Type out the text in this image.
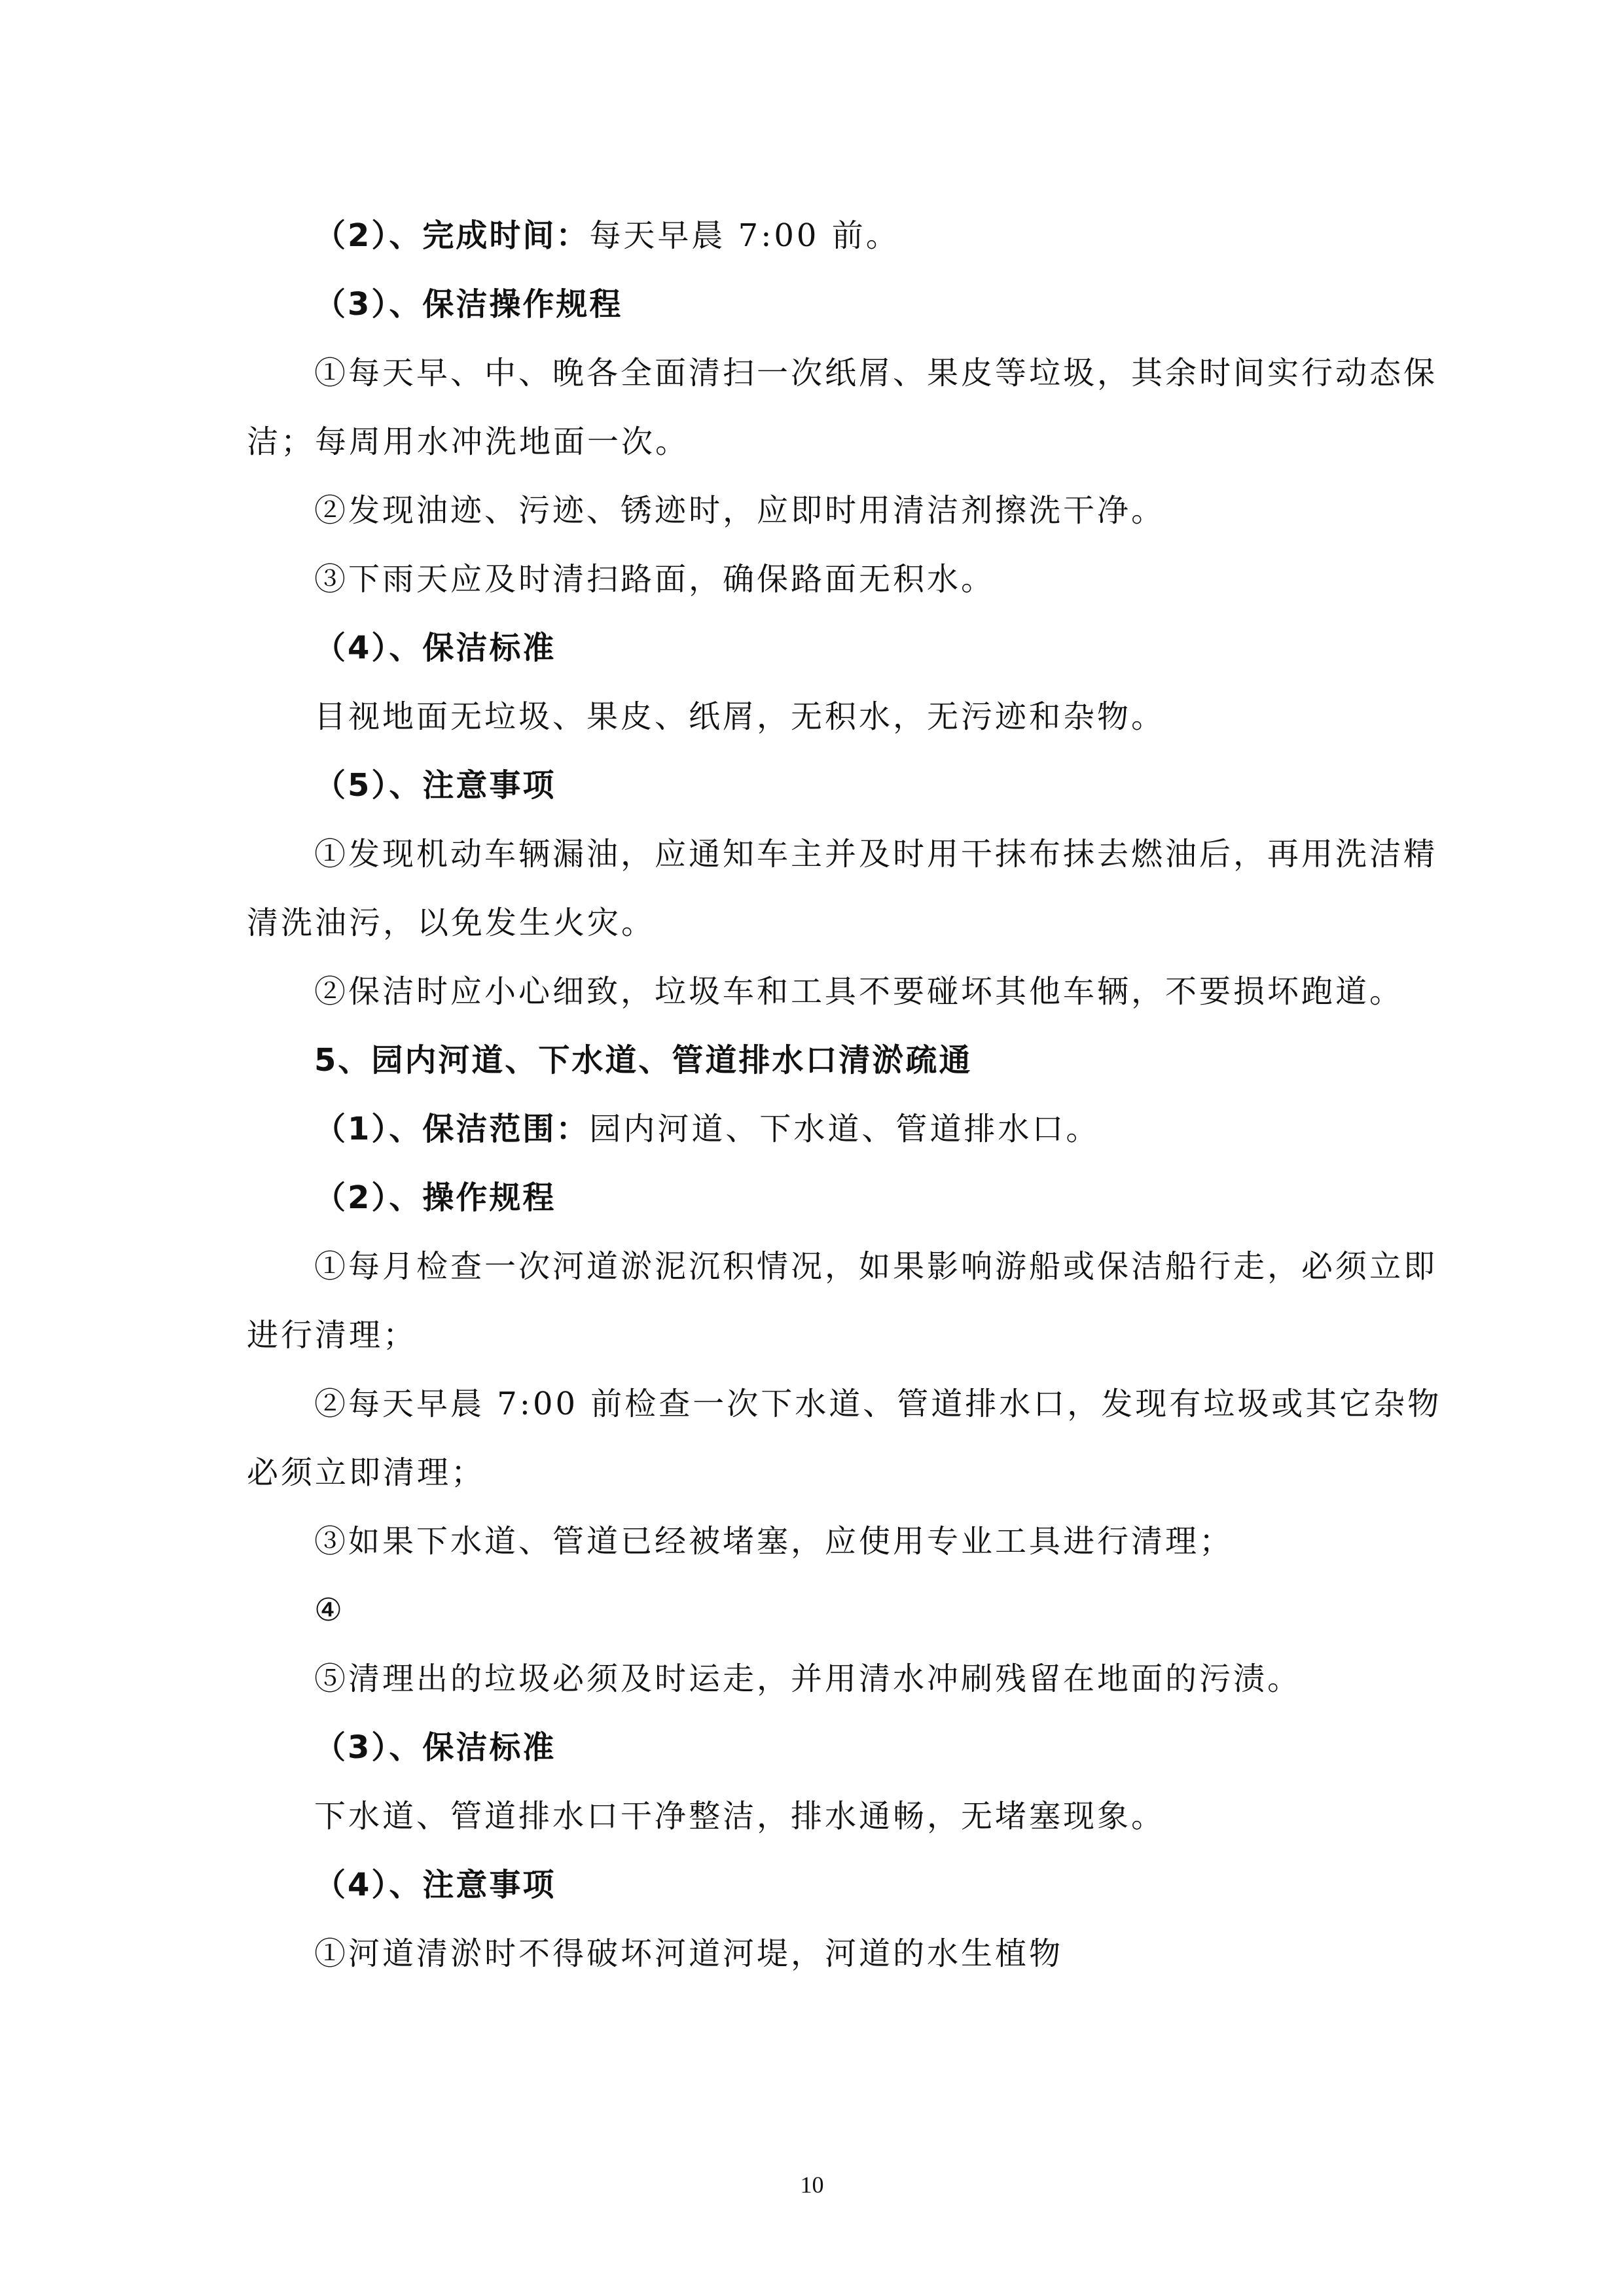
（2）、完成时间：每天早晨 7:00 前。
（3）、保洁操作规程
①每天早、中、晚各全面清扫一次纸屑、果皮等垃圾，其余时间实行动态保
洁；每周用水冲洗地面一次。
②发现油迹、污迹、锈迹时，应即时用清洁剂擦洗干净。
③下雨天应及时清扫路面，确保路面无积水。
（4）、保洁标准
目视地面无垃圾、果皮、纸屑，无积水，无污迹和杂物。
（5）、注意事项
①发现机动车辆漏油，应通知车主并及时用干抹布抹去燃油后，再用洗洁精
清洗油污，以免发生火灾。
②保洁时应小心细致，垃圾车和工具不要碰坏其他车辆，不要损坏跑道。
5、园内河道、下水道、管道排水口清淤疏通
（1）、保洁范围：园内河道、下水道、管道排水口。
（2）、操作规程
①每月检查一次河道淤泥沉积情况，如果影响游船或保洁船行走，必须立即
进行清理；
②每天早晨 7:00 前检查一次下水道、管道排水口，发现有垃圾或其它杂物
必须立即清理；
③如果下水道、管道已经被堵塞，应使用专业工具进行清理；
④
⑤清理出的垃圾必须及时运走，并用清水冲刷残留在地面的污渍。
（3）、保洁标准
下水道、管道排水口干净整洁，排水通畅，无堵塞现象。
（4）、注意事项
①河道清淤时不得破坏河道河堤，河道的水生植物
10
